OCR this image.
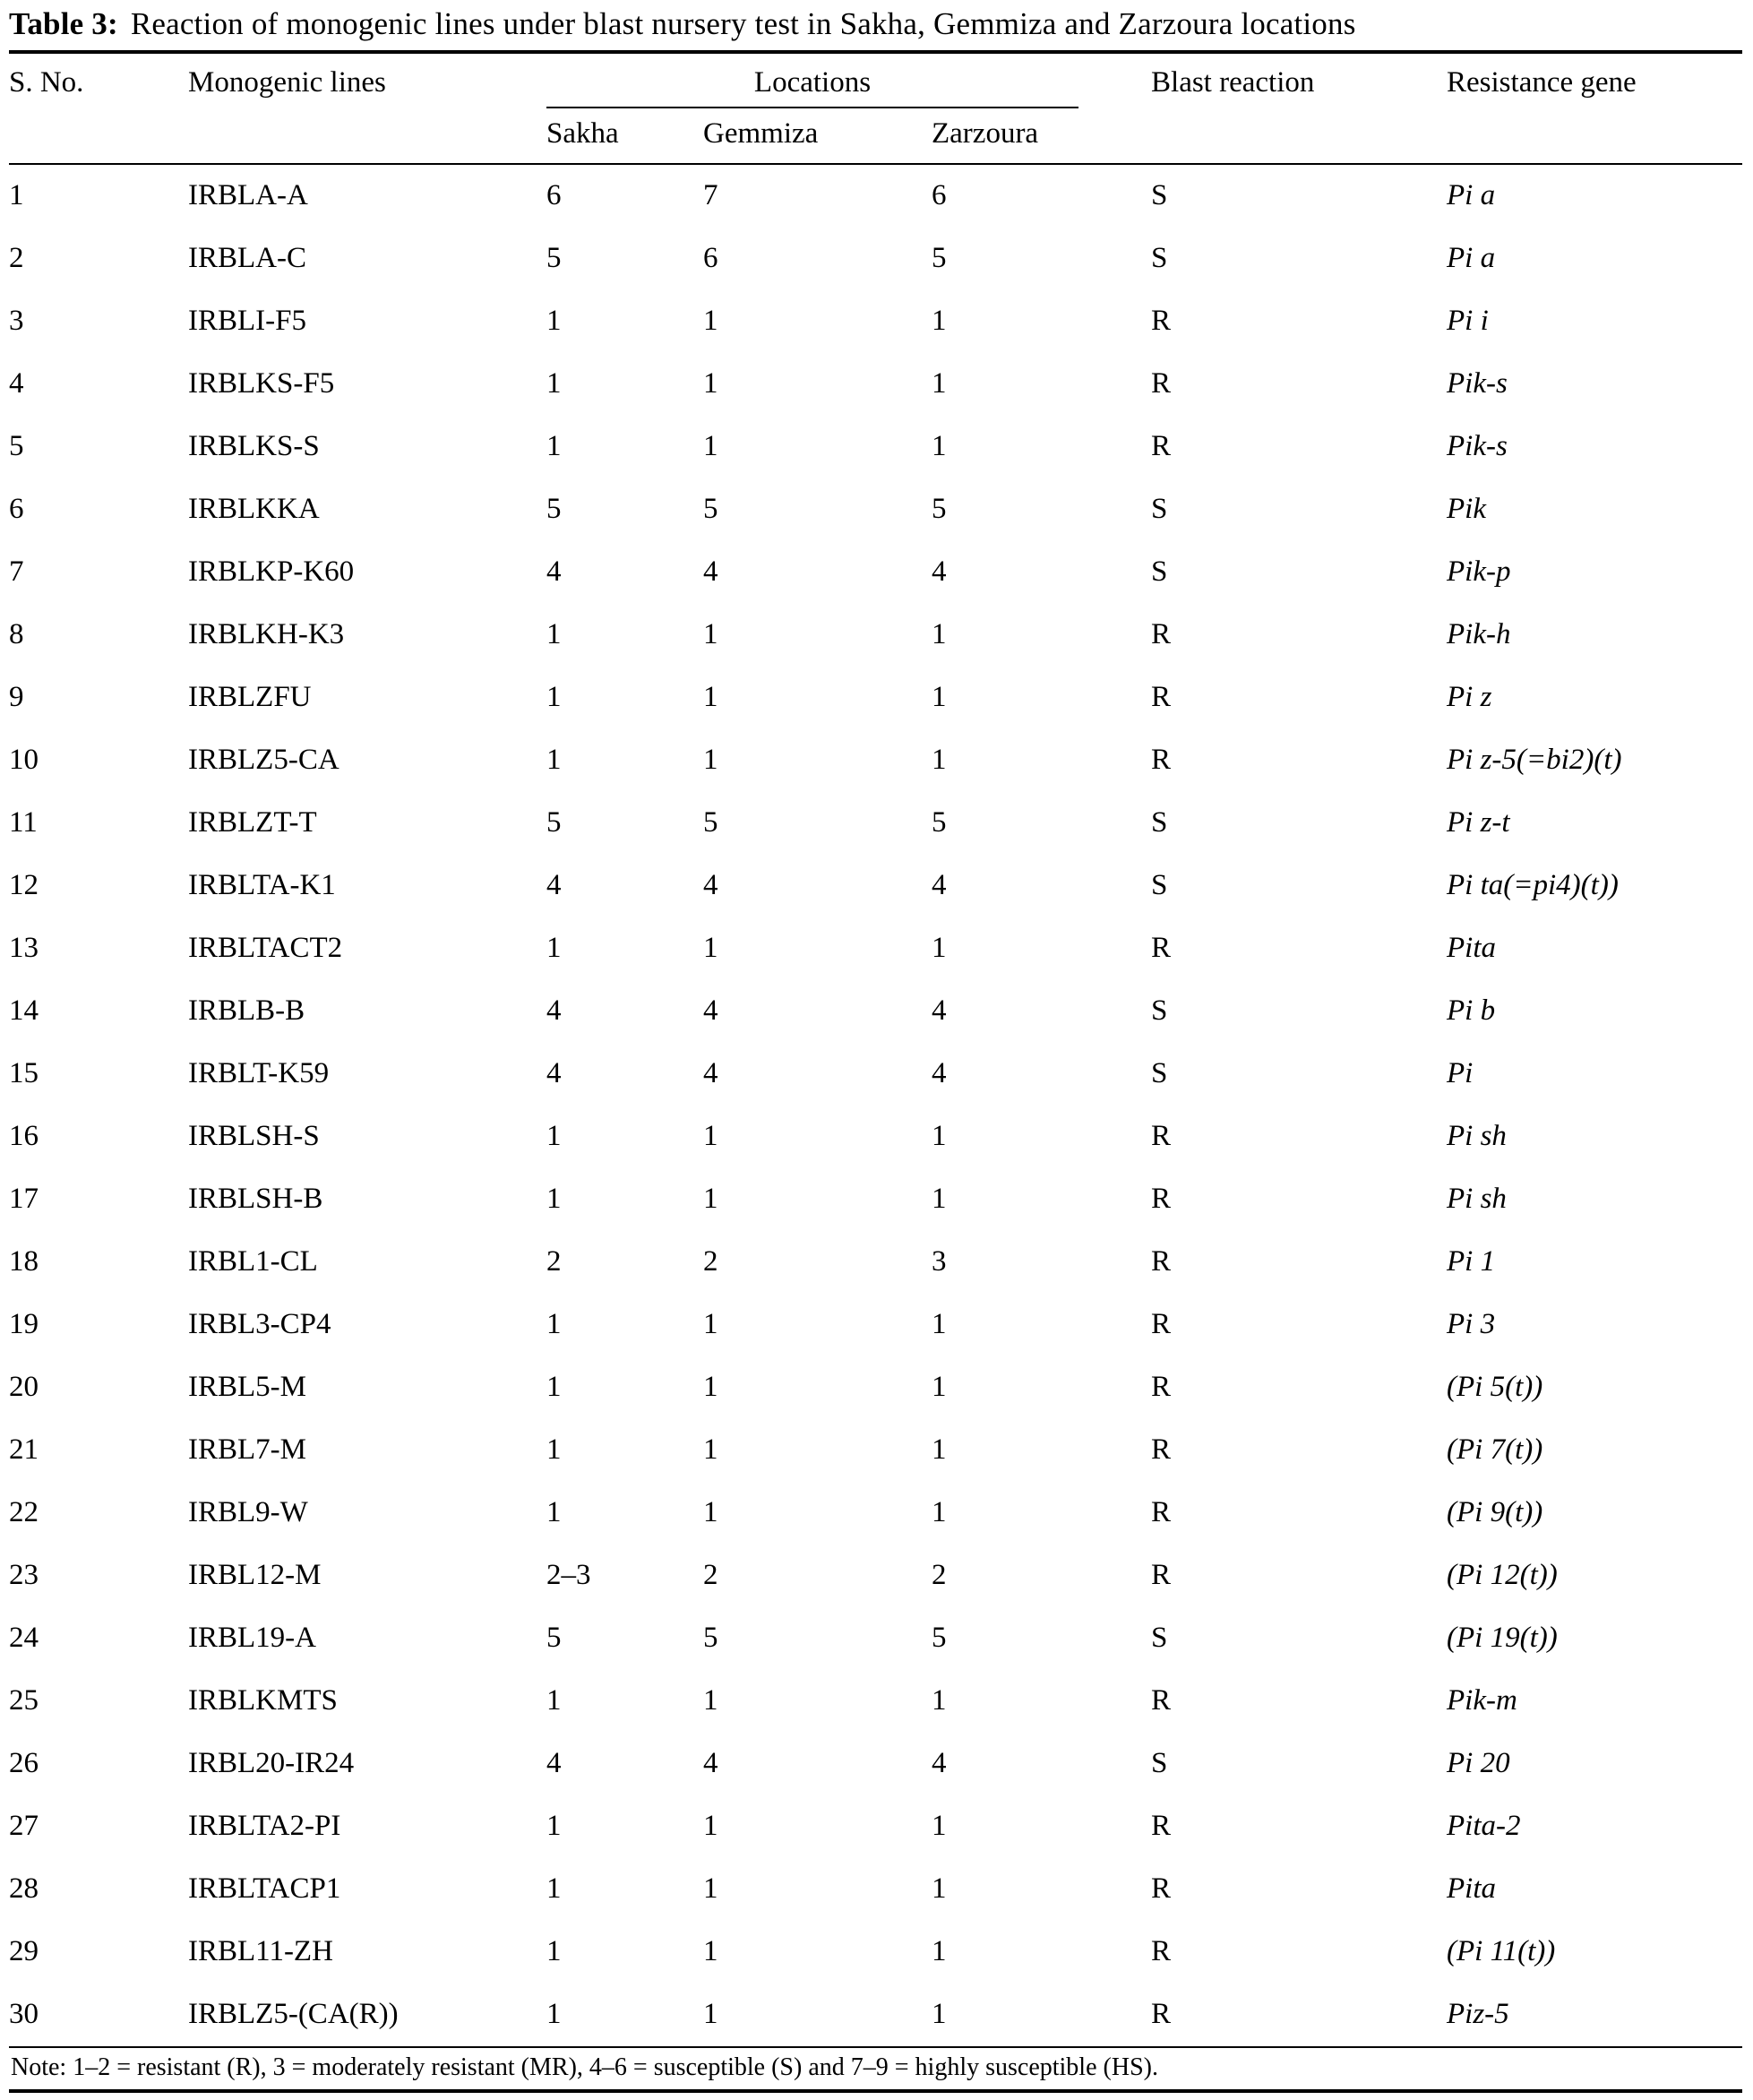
Table 3: Reaction of monogenic lines under blast nursery test in Sakha, Gemmiza and Zarzoura locations
S. No.	Monogenic lines	Locations			Blast reaction	Resistance gene
		Sakha	Gemmiza	Zarzoura		
1	IRBLA-A	6	7	6	S	Pi a
2	IRBLA-C	5	6	5	S	Pi a
3	IRBLI-F5	1	1	1	R	Pi i
4	IRBLKS-F5	1	1	1	R	Pik-s
5	IRBLKS-S	1	1	1	R	Pik-s
6	IRBLKKA	5	5	5	S	Pik
7	IRBLKP-K60	4	4	4	S	Pik-p
8	IRBLKH-K3	1	1	1	R	Pik-h
9	IRBLZFU	1	1	1	R	Pi z
10	IRBLZ5-CA	1	1	1	R	Pi z-5(=bi2)(t)
11	IRBLZT-T	5	5	5	S	Pi z-t
12	IRBLTA-K1	4	4	4	S	Pi ta(=pi4)(t))
13	IRBLTACT2	1	1	1	R	Pita
14	IRBLB-B	4	4	4	S	Pi b
15	IRBLT-K59	4	4	4	S	Pi
16	IRBLSH-S	1	1	1	R	Pi sh
17	IRBLSH-B	1	1	1	R	Pi sh
18	IRBL1-CL	2	2	3	R	Pi 1
19	IRBL3-CP4	1	1	1	R	Pi 3
20	IRBL5-M	1	1	1	R	(Pi 5(t))
21	IRBL7-M	1	1	1	R	(Pi 7(t))
22	IRBL9-W	1	1	1	R	(Pi 9(t))
23	IRBL12-M	2–3	2	2	R	(Pi 12(t))
24	IRBL19-A	5	5	5	S	(Pi 19(t))
25	IRBLKMTS	1	1	1	R	Pik-m
26	IRBL20-IR24	4	4	4	S	Pi 20
27	IRBLTA2-PI	1	1	1	R	Pita-2
28	IRBLTACP1	1	1	1	R	Pita
29	IRBL11-ZH	1	1	1	R	(Pi 11(t))
30	IRBLZ5-(CA(R))	1	1	1	R	Piz-5
Note: 1–2 = resistant (R), 3 = moderately resistant (MR), 4–6 = susceptible (S) and 7–9 = highly susceptible (HS).
